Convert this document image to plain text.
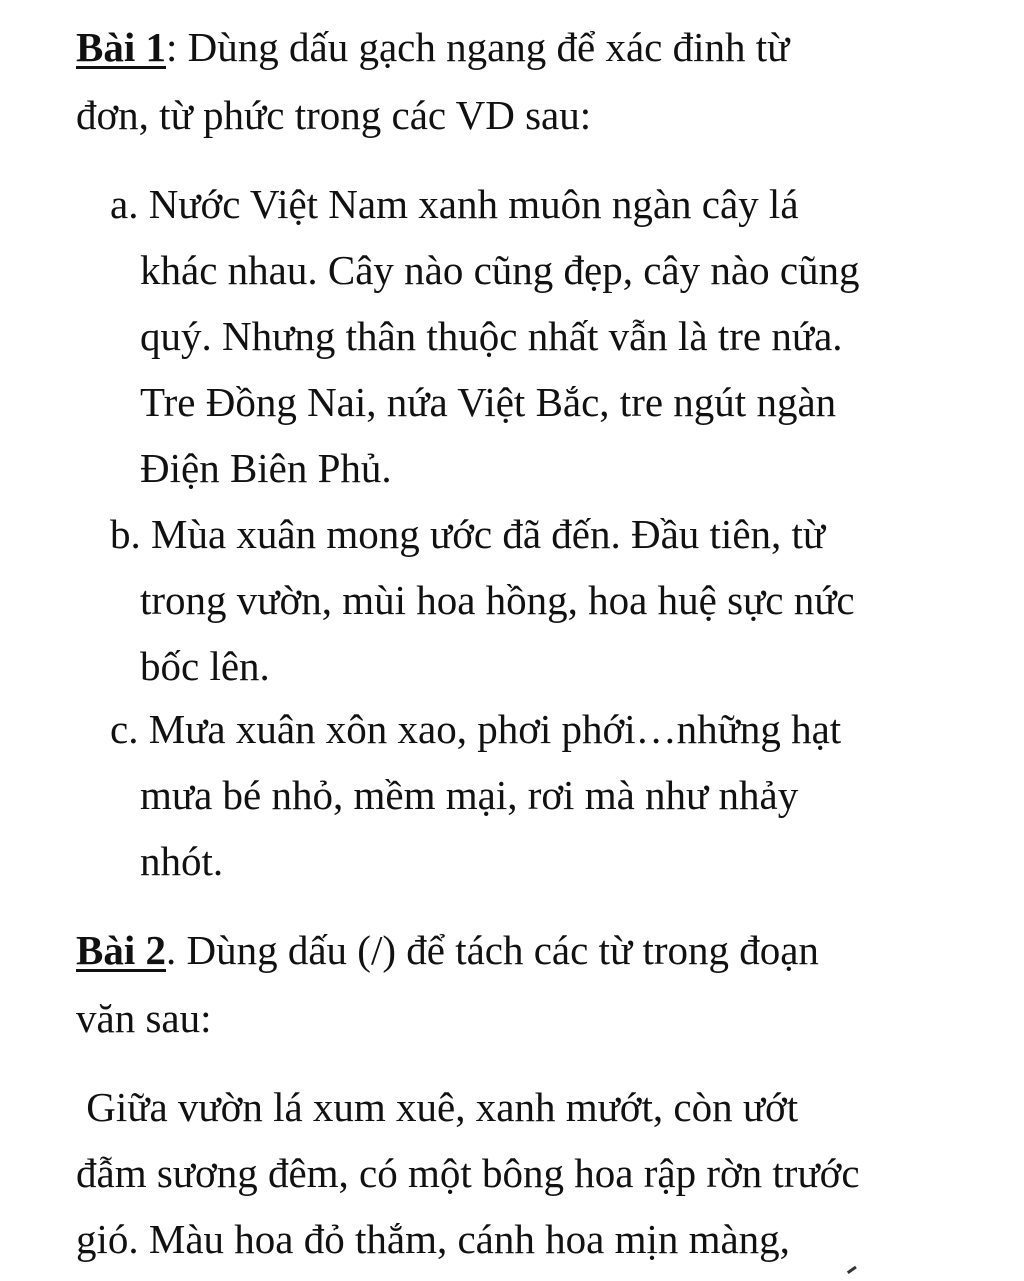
Bài 1: Dùng dấu gạch ngang để xác đinh từ
đơn, từ phức trong các VD sau:
a. Nước Việt Nam xanh muôn ngàn cây lá
khác nhau. Cây nào cũng đẹp, cây nào cũng
quý. Nhưng thân thuộc nhất vẫn là tre nứa.
Tre Đồng Nai, nứa Việt Bắc, tre ngút ngàn
Điện Biên Phủ.
b. Mùa xuân mong ước đã đến. Đầu tiên, từ
trong vườn, mùi hoa hồng, hoa huệ sực nức
bốc lên.
c. Mưa xuân xôn xao, phơi phới…những hạt
mưa bé nhỏ, mềm mại, rơi mà như nhảy
nhót.
Bài 2. Dùng dấu (/) để tách các từ trong đoạn
văn sau:
Giữa vườn lá xum xuê, xanh mướt, còn ướt
đẫm sương đêm, có một bông hoa rập rờn trước
gió. Màu hoa đỏ thắm, cánh hoa mịn màng,
